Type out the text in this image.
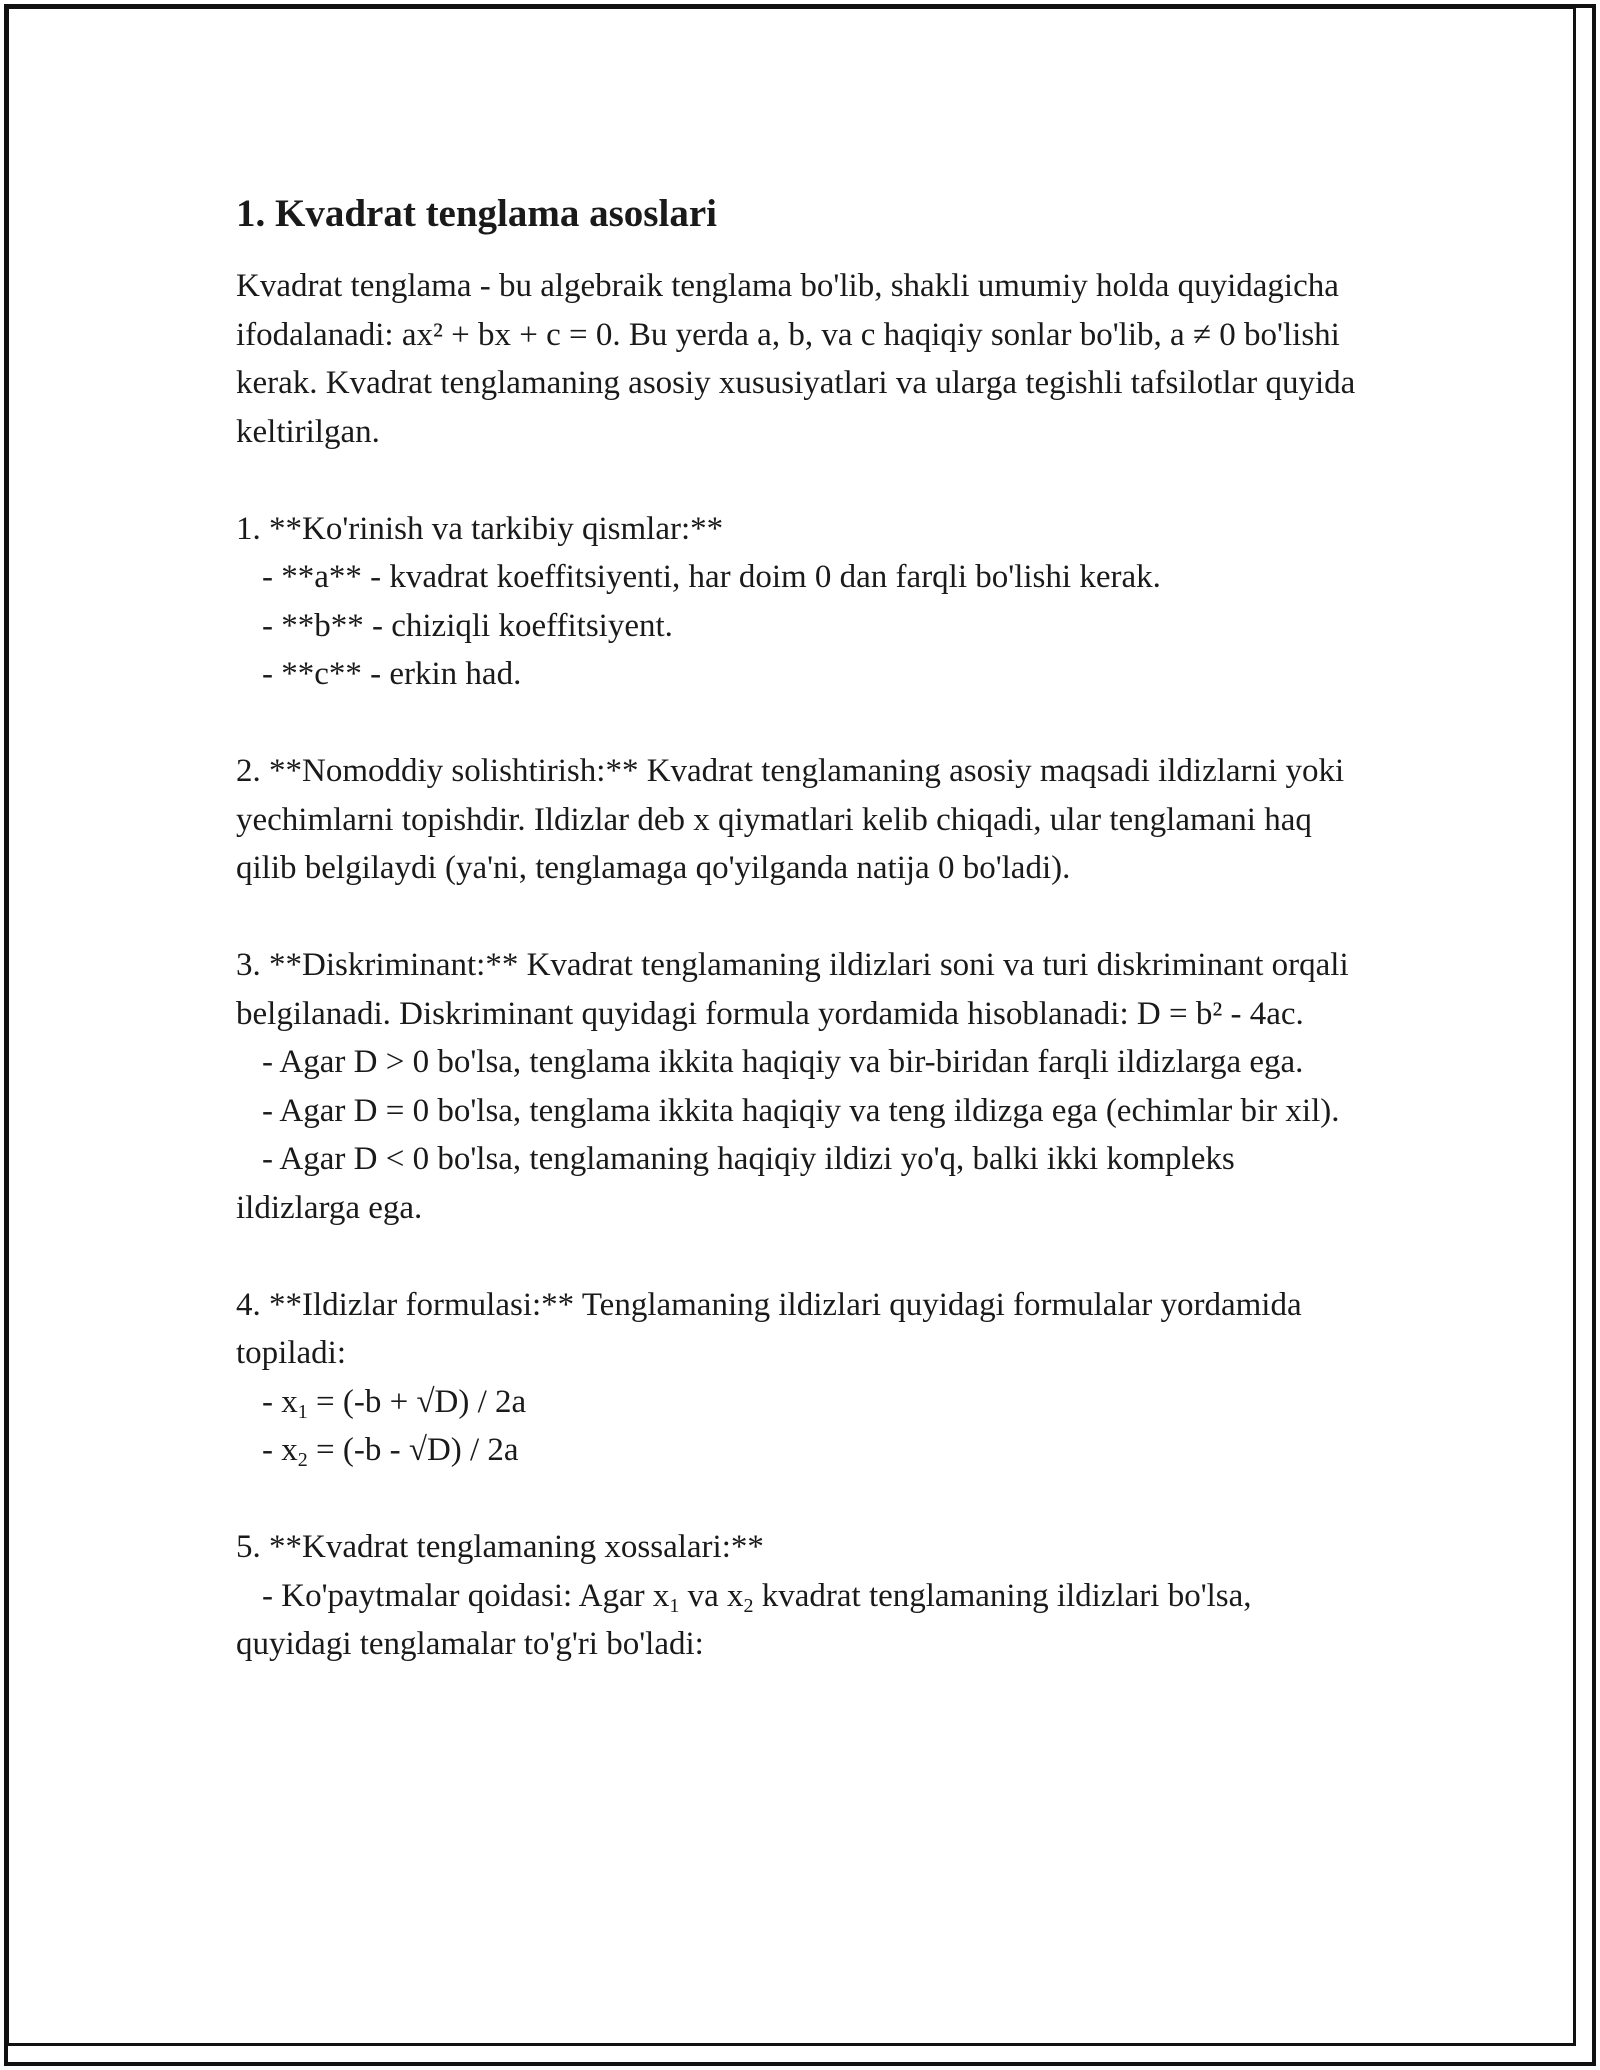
1. Kvadrat tenglama asoslari

Kvadrat tenglama - bu algebraik tenglama bo'lib, shakli umumiy holda quyidagicha ifodalanadi: ax² + bx + c = 0. Bu yerda a, b, va c haqiqiy sonlar bo'lib, a ≠ 0 bo'lishi kerak. Kvadrat tenglamaning asosiy xususiyatlari va ularga tegishli tafsilotlar quyida keltirilgan.

1. **Ko'rinish va tarkibiy qismlar:**

- **a** - kvadrat koeffitsiyenti, har doim 0 dan farqli bo'lishi kerak.

- **b** - chiziqli koeffitsiyent.

- **c** - erkin had.

2. **Nomoddiy solishtirish:** Kvadrat tenglamaning asosiy maqsadi ildizlarni yoki yechimlarni topishdir. Ildizlar deb x qiymatlari kelib chiqadi, ular tenglamani haq qilib belgilaydi (ya'ni, tenglamaga qo'yilganda natija 0 bo'ladi).

3. **Diskriminant:** Kvadrat tenglamaning ildizlari soni va turi diskriminant orqali belgilanadi. Diskriminant quyidagi formula yordamida hisoblanadi: D = b² - 4ac.

- Agar D > 0 bo'lsa, tenglama ikkita haqiqiy va bir-biridan farqli ildizlarga ega.

- Agar D = 0 bo'lsa, tenglama ikkita haqiqiy va teng ildizga ega (echimlar bir xil).

- Agar D < 0 bo'lsa, tenglamaning haqiqiy ildizi yo'q, balki ikki kompleks ildizlarga ega.

4. **Ildizlar formulasi:** Tenglamaning ildizlari quyidagi formulalar yordamida topiladi:

- $x_1 = (-b + √D) / 2a$

- $x_2 = (-b - √D) / 2a$

5. **Kvadrat tenglamaning xossalari:**

- Ko'paytmalar qoidasi: Agar $x_1$ va $x_2$ kvadrat tenglamaning ildizlari bo'lsa, quyidagi tenglamalar to'g'ri bo'ladi:
